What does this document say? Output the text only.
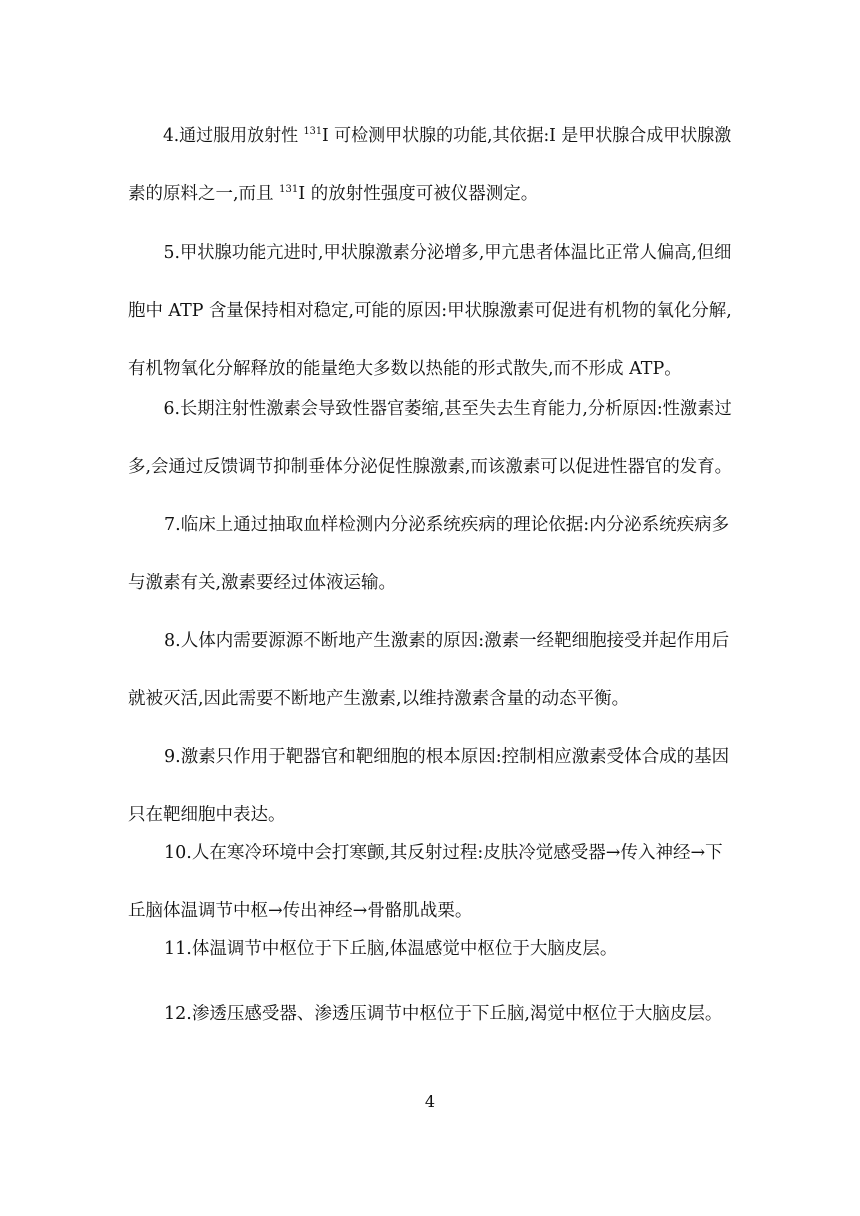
4.通过服用放射性 $^{131}$I 可检测甲状腺的功能,其依据:I 是甲状腺合成甲状腺激
素的原料之一,而且 $^{131}$I 的放射性强度可被仪器测定。
5.甲状腺功能亢进时,甲状腺激素分泌增多,甲亢患者体温比正常人偏高,但细
胞中 ATP 含量保持相对稳定,可能的原因:甲状腺激素可促进有机物的氧化分解,
有机物氧化分解释放的能量绝大多数以热能的形式散失,而不形成 ATP。
6.长期注射性激素会导致性器官萎缩,甚至失去生育能力,分析原因:性激素过
多,会通过反馈调节抑制垂体分泌促性腺激素,而该激素可以促进性器官的发育。
7.临床上通过抽取血样检测内分泌系统疾病的理论依据:内分泌系统疾病多
与激素有关,激素要经过体液运输。
8.人体内需要源源不断地产生激素的原因:激素一经靶细胞接受并起作用后
就被灭活,因此需要不断地产生激素,以维持激素含量的动态平衡。
9.激素只作用于靶器官和靶细胞的根本原因:控制相应激素受体合成的基因
只在靶细胞中表达。
10.人在寒冷环境中会打寒颤,其反射过程:皮肤冷觉感受器→传入神经→下
丘脑体温调节中枢→传出神经→骨骼肌战栗。
11.体温调节中枢位于下丘脑,体温感觉中枢位于大脑皮层。
12.渗透压感受器、渗透压调节中枢位于下丘脑,渴觉中枢位于大脑皮层。
4
